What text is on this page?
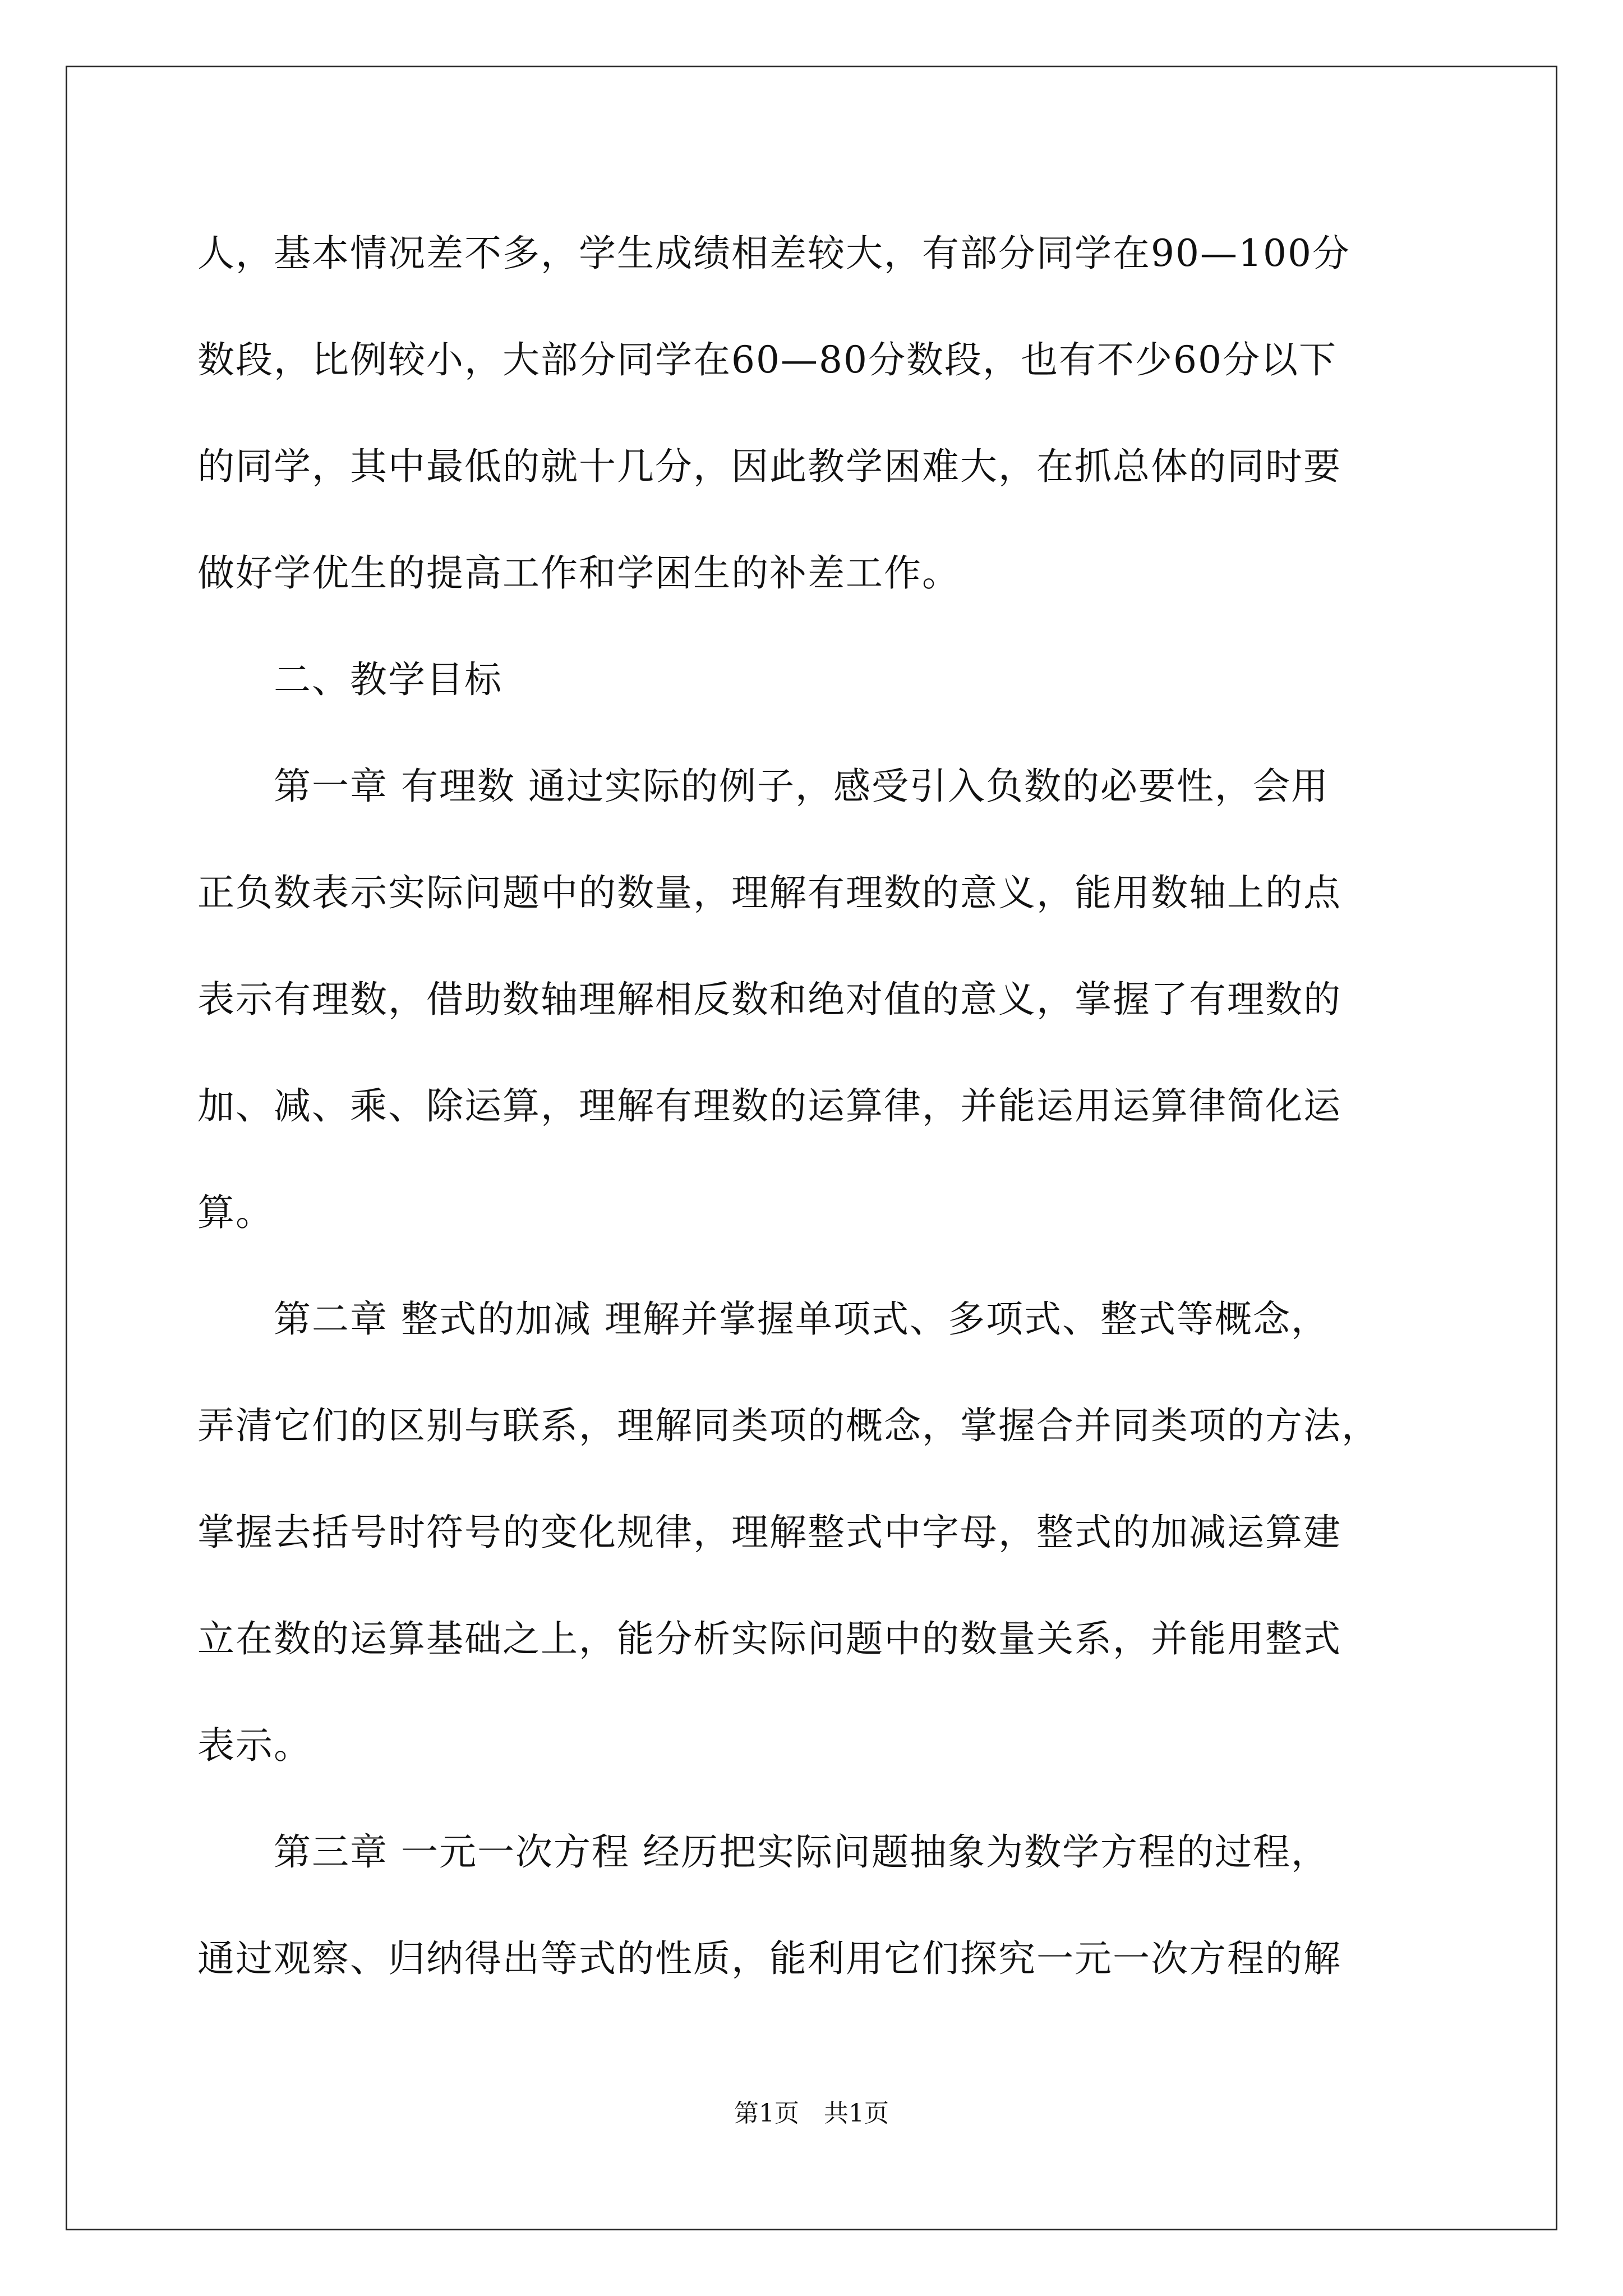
人，基本情况差不多，学生成绩相差较大，有部分同学在90—100分
数段，比例较小，大部分同学在60—80分数段，也有不少60分以下
的同学，其中最低的就十几分，因此教学困难大，在抓总体的同时要
做好学优生的提高工作和学困生的补差工作。
　　二、教学目标
　　第一章 有理数 通过实际的例子，感受引入负数的必要性，会用
正负数表示实际问题中的数量，理解有理数的意义，能用数轴上的点
表示有理数，借助数轴理解相反数和绝对值的意义，掌握了有理数的
加、减、乘、除运算，理解有理数的运算律，并能运用运算律简化运
算。
　　第二章 整式的加减 理解并掌握单项式、多项式、整式等概念，
弄清它们的区别与联系，理解同类项的概念，掌握合并同类项的方法，
掌握去括号时符号的变化规律，理解整式中字母，整式的加减运算建
立在数的运算基础之上，能分析实际问题中的数量关系，并能用整式
表示。
　　第三章 一元一次方程 经历把实际问题抽象为数学方程的过程，
通过观察、归纳得出等式的性质，能利用它们探究一元一次方程的解
第1页　共1页
